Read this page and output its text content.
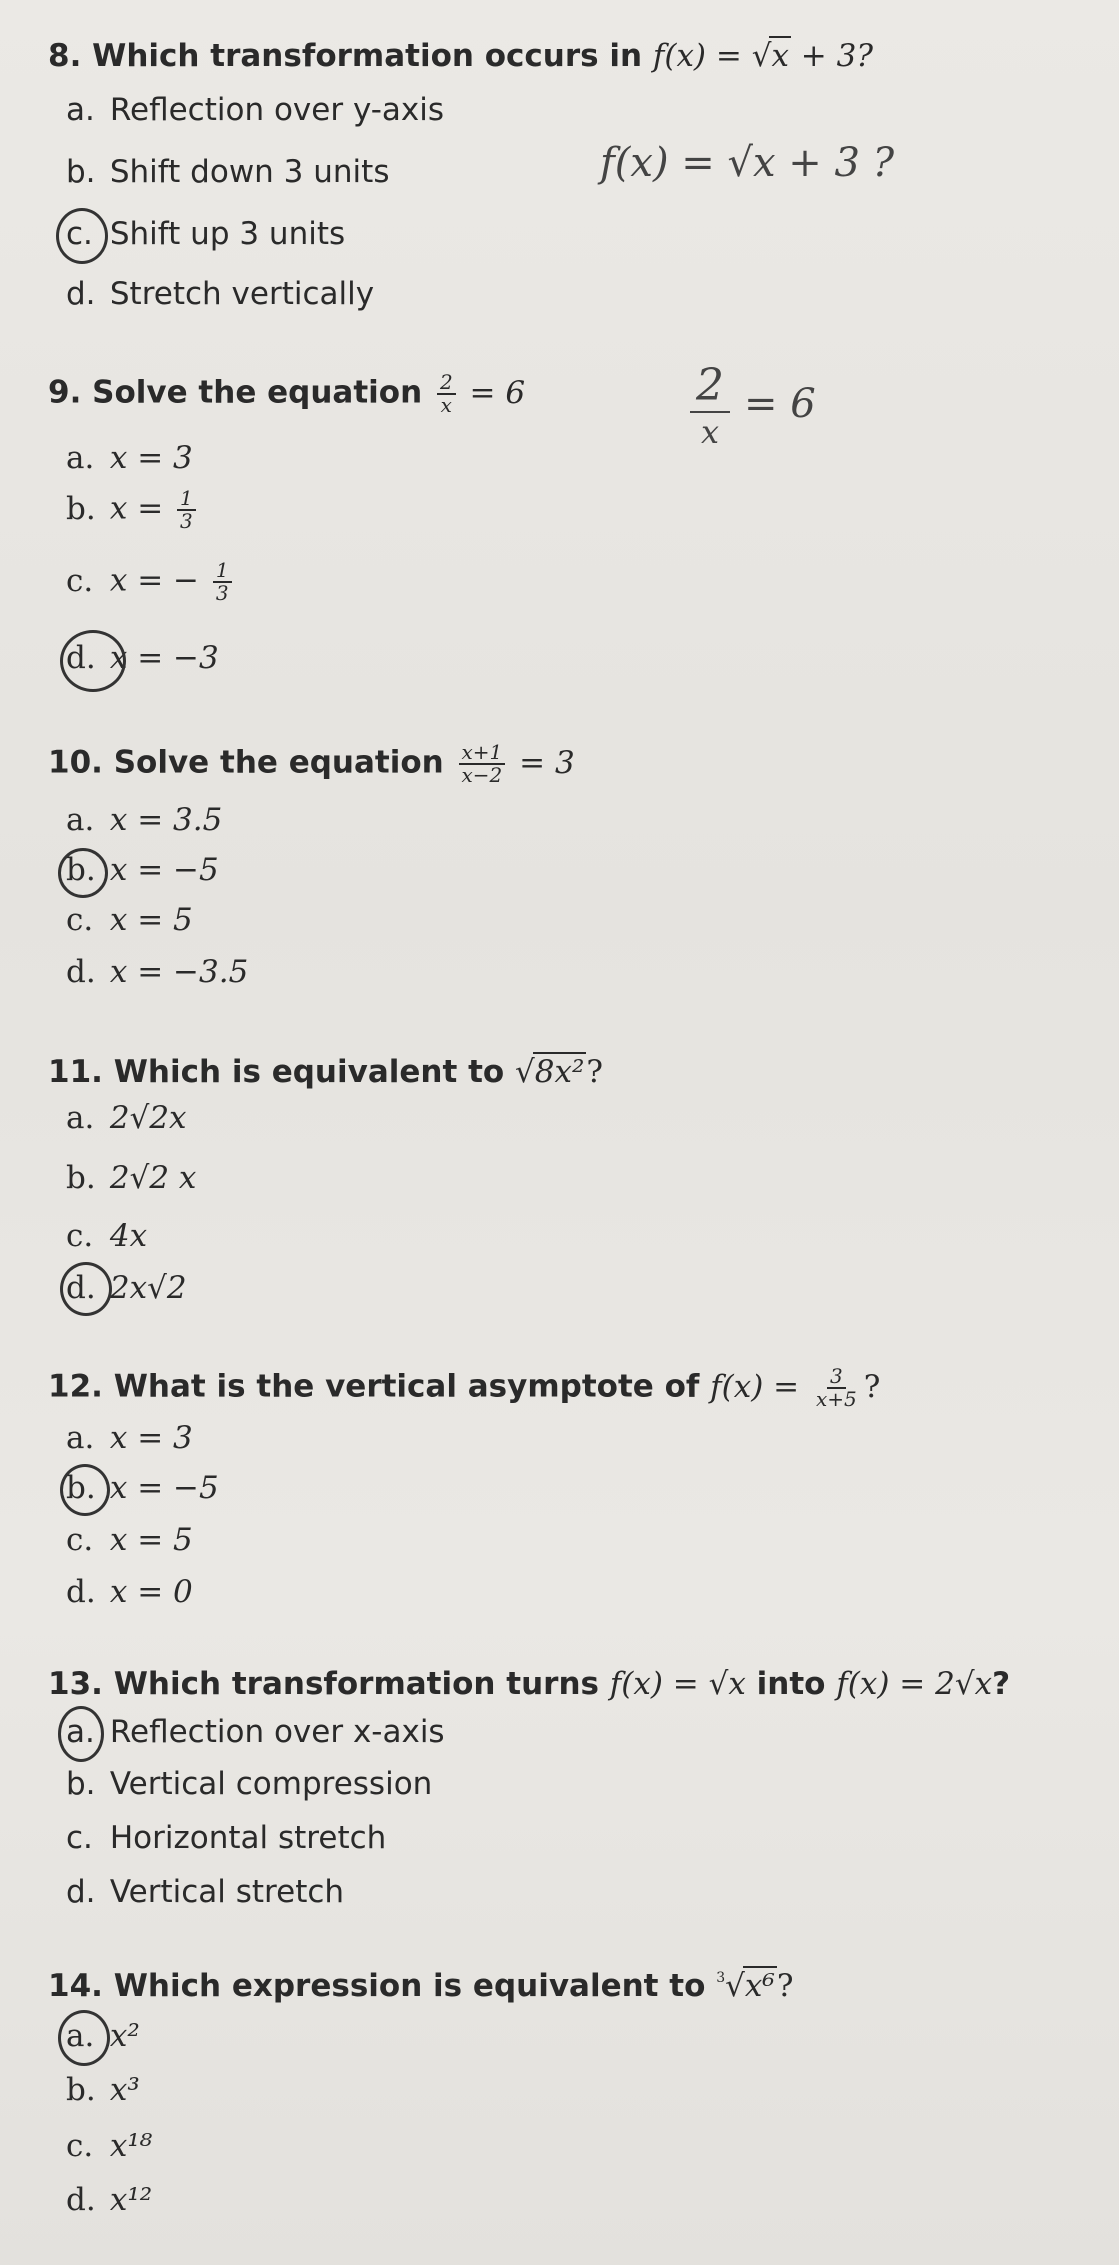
8. Which transformation occurs in f(x) = √x + 3?
a. Reflection over y-axis
b. Shift down 3 units
c. Shift up 3 units
d. Stretch vertically
f(x) = √x + 3 ?
9. Solve the equation $\frac{2}{x} = 6$
a. x = 3
b. $x = \frac{1}{3}$
c. x = − $\frac{1}{3}$
d. x = −3
2
x
= 6
10. Solve the equation $\frac{x+1}{x-2} = 3$
a. x = 3.5
b. x = −5
c. x = 5
d. x = −3.5
11. Which is equivalent to √8x²?
a. 2√2x
b. 2√2 x
c. 4x
d. 2x√2
12. What is the vertical asymptote of $f(x) = \frac{3}{x+5}$ ?
a. x = 3
b. x = −5
c. x = 5
d. x = 0
13. Which transformation turns f(x) = √x into f(x) = 2√x?
a. Reflection over x-axis
b. Vertical compression
c. Horizontal stretch
d. Vertical stretch
14. Which expression is equivalent to $^3$√x⁶?
a. x²
b. x³
c. x¹⁸
d. x¹²
